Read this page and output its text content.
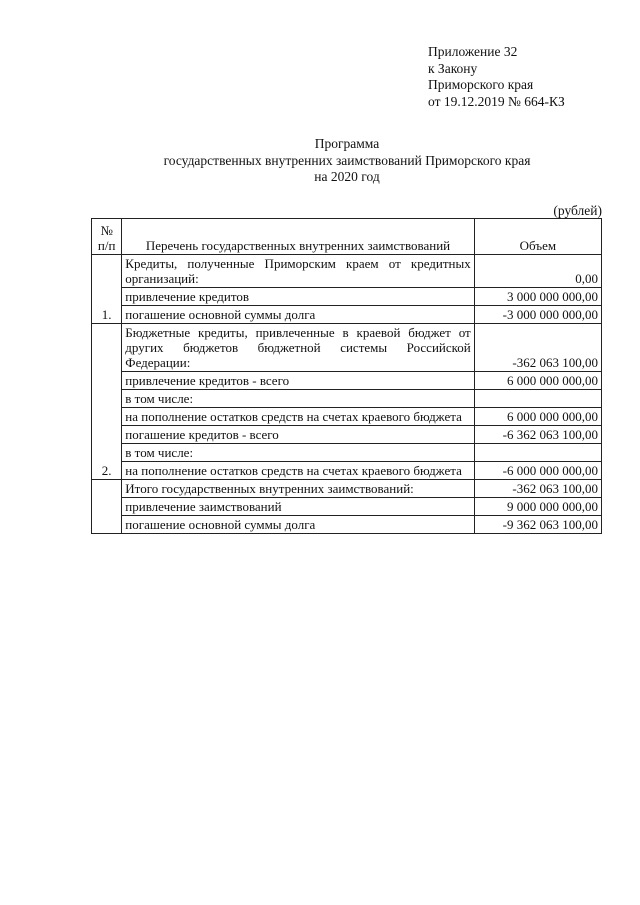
Приложение 32
к Закону
Приморского края
от 19.12.2019 № 664-КЗ
Программа
государственных внутренних заимствований Приморского края
на 2020 год
(рублей)
№ п/п	Перечень государственных внутренних заимствований	Объем
1.	Кредиты, полученные Приморским краем от кредитных организаций:	0,00
	привлечение кредитов	3 000 000 000,00
	погашение основной суммы долга	-3 000 000 000,00
2.	Бюджетные кредиты, привлеченные в краевой бюджет от других бюджетов бюджетной системы Российской Федерации:	-362 063 100,00
	привлечение кредитов - всего	6 000 000 000,00
	в том числе:	
	на пополнение остатков средств на счетах краевого бюджета	6 000 000 000,00
	погашение кредитов - всего	-6 362 063 100,00
	в том числе:	
	на пополнение остатков средств на счетах краевого бюджета	-6 000 000 000,00
	Итого государственных внутренних заимствований:	-362 063 100,00
	привлечение заимствований	9 000 000 000,00
	погашение основной суммы долга	-9 362 063 100,00
